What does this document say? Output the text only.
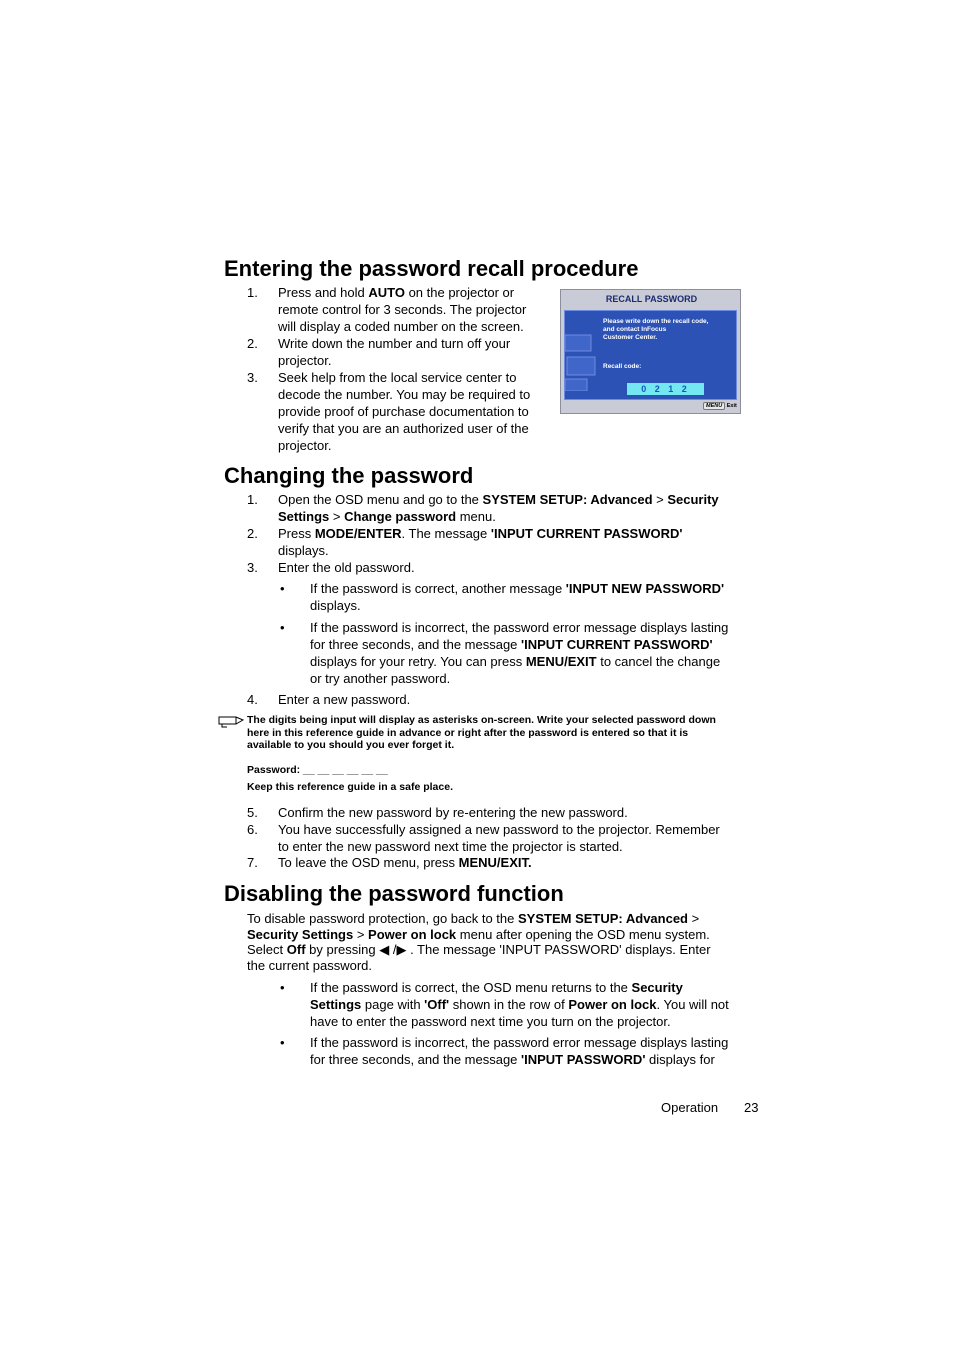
Entering the password recall procedure
1. Press and hold AUTO on the projector or
remote control for 3 seconds. The projector
will display a coded number on the screen.
2. Write down the number and turn off your
projector.
3. Seek help from the local service center to
decode the number. You may be required to
provide proof of purchase documentation to
verify that you are an authorized user of the
projector.
RECALL PASSWORD
Please write down the recall code,
and contact InFocus
Customer Center.
Recall code:
0 2 1 2
MENU Exit
Changing the password
1. Open the OSD menu and go to the SYSTEM SETUP: Advanced > Security
Settings > Change password menu.
2. Press MODE/ENTER. The message 'INPUT CURRENT PASSWORD'
displays.
3. Enter the old password.
• If the password is correct, another message 'INPUT NEW PASSWORD'
displays.
• If the password is incorrect, the password error message displays lasting
for three seconds, and the message 'INPUT CURRENT PASSWORD'
displays for your retry. You can press MENU/EXIT to cancel the change
or try another password.
4. Enter a new password.
The digits being input will display as asterisks on-screen. Write your selected password down
here in this reference guide in advance or right after the password is entered so that it is
available to you should you ever forget it.
Password: __ __ __ __ __ __
Keep this reference guide in a safe place.
5. Confirm the new password by re-entering the new password.
6. You have successfully assigned a new password to the projector. Remember
to enter the new password next time the projector is started.
7. To leave the OSD menu, press MENU/EXIT.
Disabling the password function
To disable password protection, go back to the SYSTEM SETUP: Advanced >
Security Settings > Power on lock menu after opening the OSD menu system.
Select Off by pressing ◀ /▶ . The message 'INPUT PASSWORD' displays. Enter
the current password.
• If the password is correct, the OSD menu returns to the Security
Settings page with 'Off' shown in the row of Power on lock. You will not
have to enter the password next time you turn on the projector.
• If the password is incorrect, the password error message displays lasting
for three seconds, and the message 'INPUT PASSWORD' displays for
Operation 23
